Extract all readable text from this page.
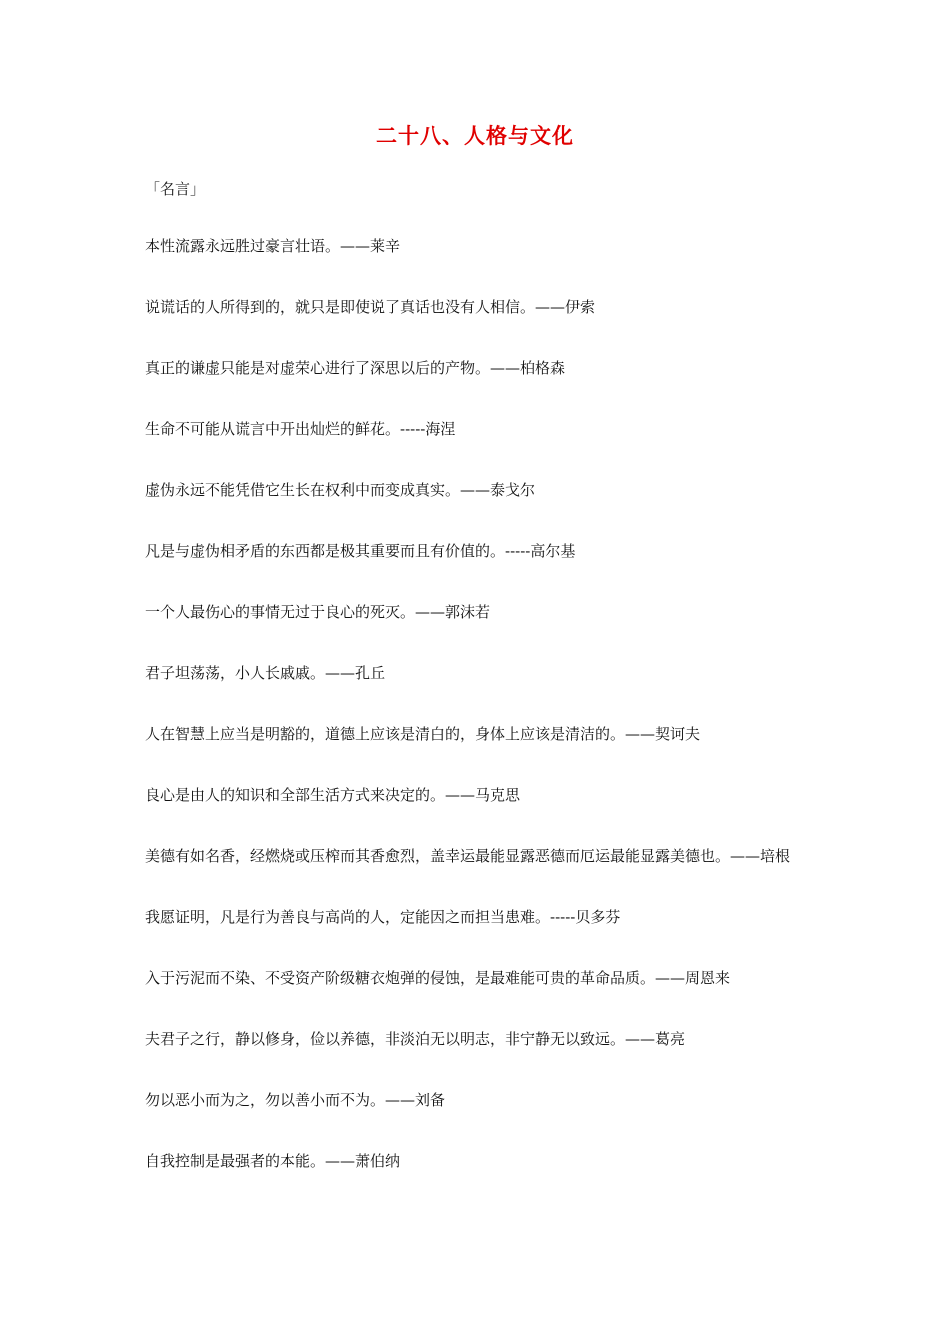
二十八、人格与文化
「名言」
本性流露永远胜过豪言壮语。——莱辛
说谎话的人所得到的，就只是即使说了真话也没有人相信。——伊索
真正的谦虚只能是对虚荣心进行了深思以后的产物。——柏格森
生命不可能从谎言中开出灿烂的鲜花。-----海涅
虚伪永远不能凭借它生长在权利中而变成真实。——泰戈尔
凡是与虚伪相矛盾的东西都是极其重要而且有价值的。-----高尔基
一个人最伤心的事情无过于良心的死灭。——郭沫若
君子坦荡荡，小人长戚戚。——孔丘
人在智慧上应当是明豁的，道德上应该是清白的，身体上应该是清洁的。——契诃夫
良心是由人的知识和全部生活方式来决定的。——马克思
美德有如名香，经燃烧或压榨而其香愈烈，盖幸运最能显露恶德而厄运最能显露美德也。——培根
我愿证明，凡是行为善良与高尚的人，定能因之而担当患难。-----贝多芬
入于污泥而不染、不受资产阶级糖衣炮弹的侵蚀，是最难能可贵的革命品质。——周恩来
夫君子之行，静以修身，俭以养德，非淡泊无以明志，非宁静无以致远。——葛亮
勿以恶小而为之，勿以善小而不为。——刘备
自我控制是最强者的本能。——萧伯纳
